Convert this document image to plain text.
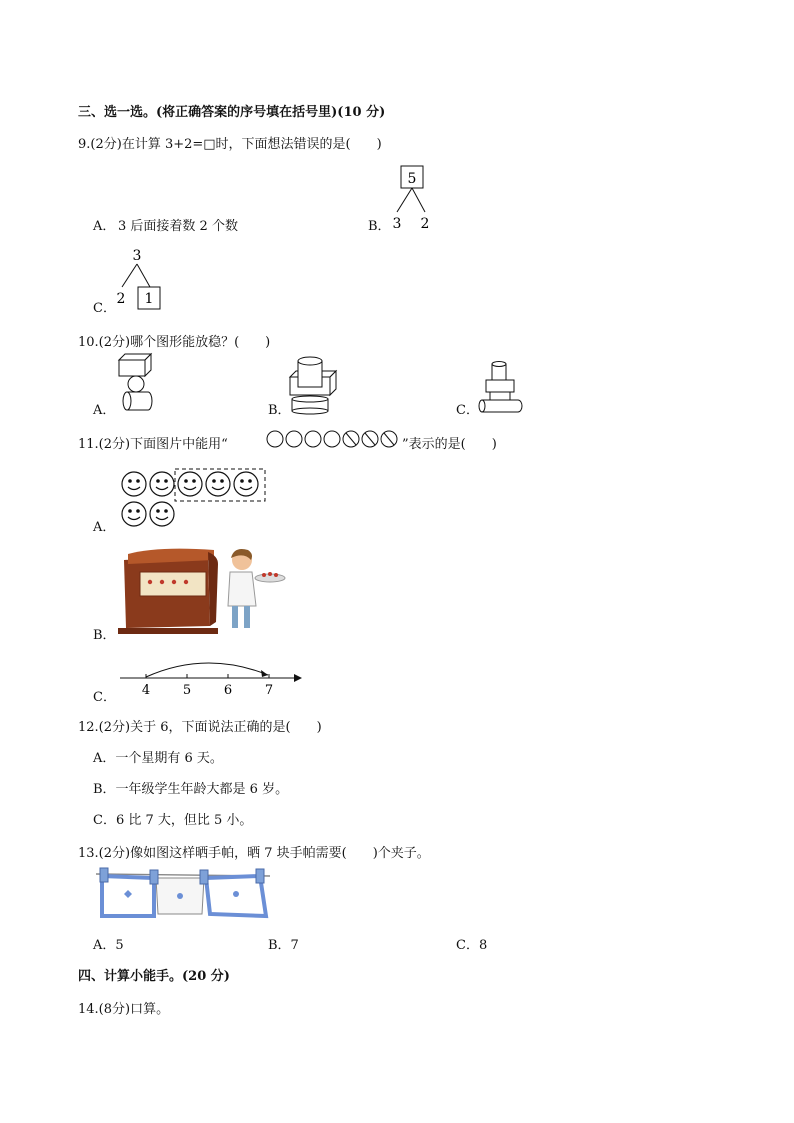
三、选一选。(将正确答案的序号填在括号里)(10 分)
9.(2分)在计算 3+2=□时，下面想法错误的是(　　)
A． 3 后面接着数 2 个数	B．
5
3 2
C．
3
2 1
10.(2分)哪个图形能放稳？(　　)
A．	B．	C．
11.(2分)下面图片中能用“	”表示的是(　　)
A．
B．
C． 4	5	6	7
12.(2分)关于 6，下面说法正确的是(　　)
A．一个星期有 6 天。
B．一年级学生年龄大都是 6 岁。
C．6 比 7 大，但比 5 小。
13.(2分)像如图这样晒手帕，晒 7 块手帕需要(　　)个夹子。
A．5	B．7	C．8
四、计算小能手。(20 分)
14.(8分)口算。
